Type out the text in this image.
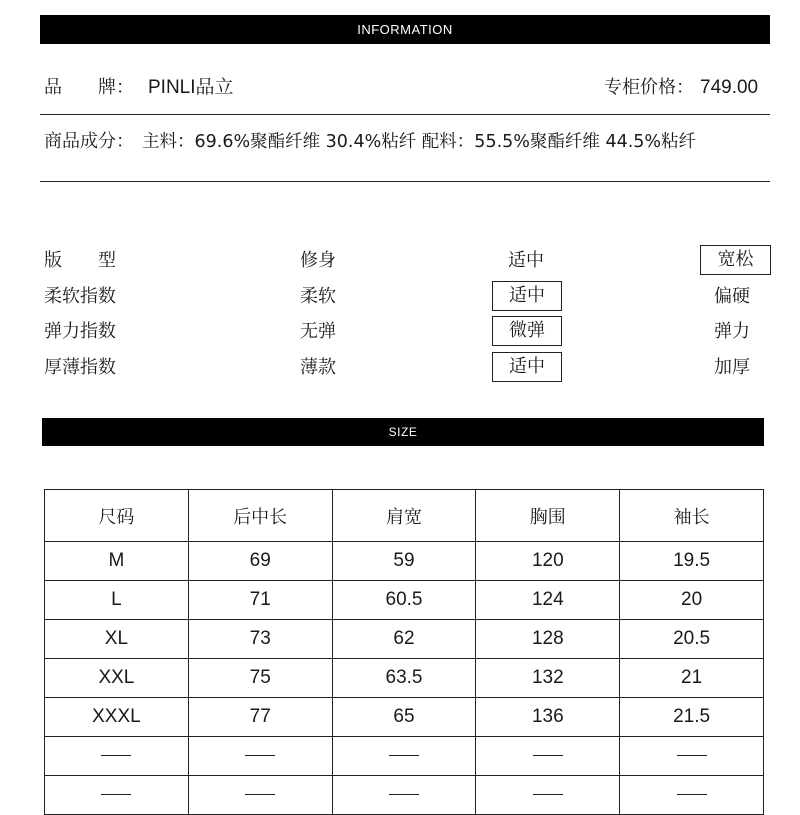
INFORMATION
品　　牌： PINLI品立	专柜价格： 749.00
商品成分： 主料：69.6%聚酯纤维 30.4%粘纤 配料：55.5%聚酯纤维 44.5%粘纤
版　　型	修身	适中	宽松
柔软指数	柔软	适中	偏硬
弹力指数	无弹	微弹	弹力
厚薄指数	薄款	适中	加厚
SIZE
尺码	后中长	肩宽	胸围	袖长
M	69	59	120	19.5
L	71	60.5	124	20
XL	73	62	128	20.5
XXL	75	63.5	132	21
XXXL	77	65	136	21.5
